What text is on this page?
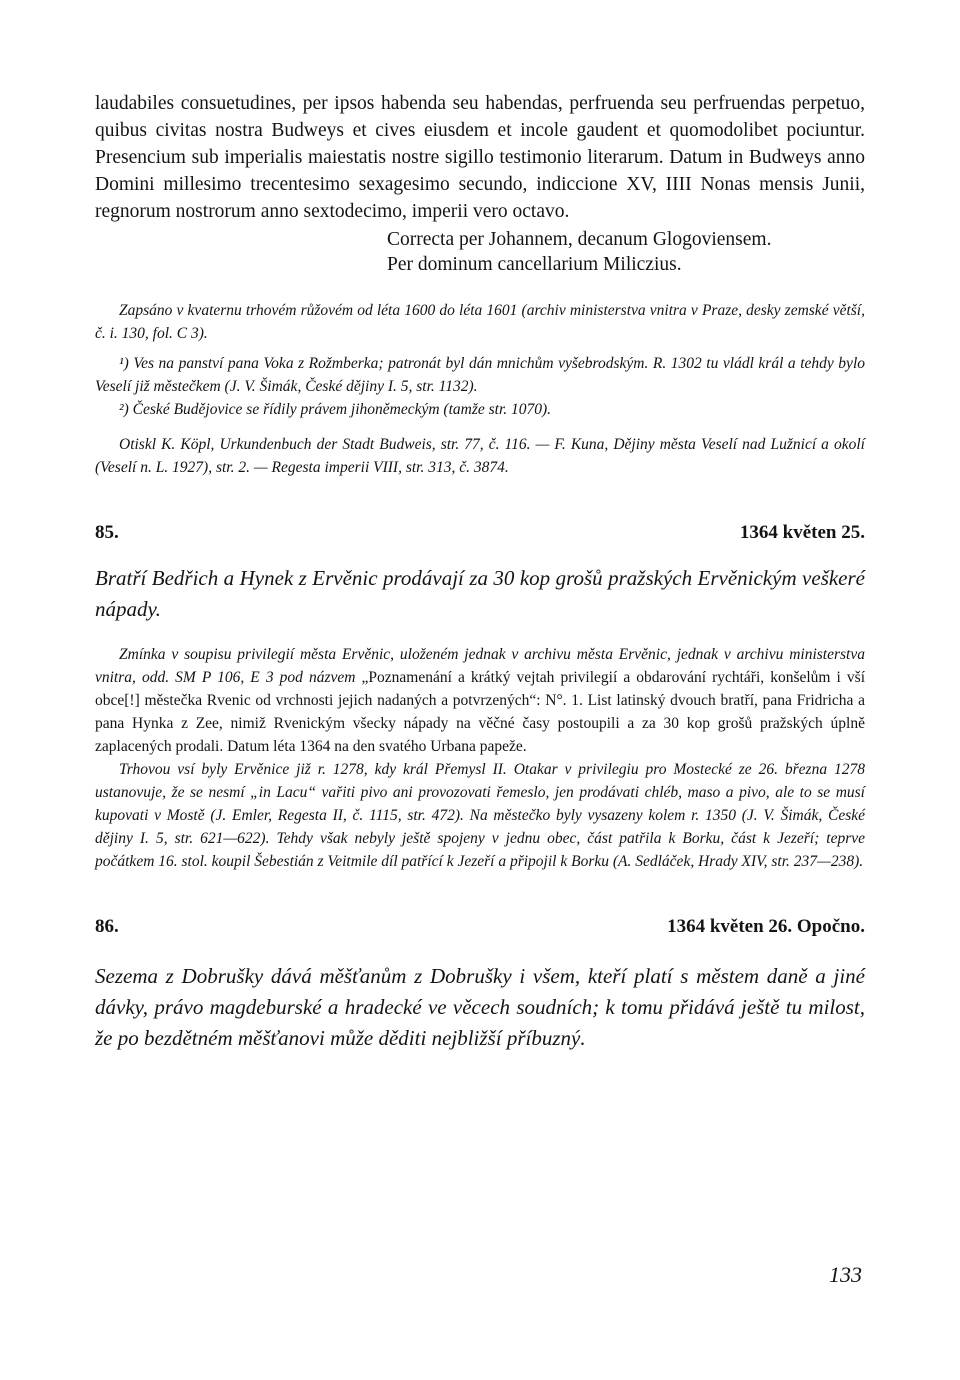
laudabiles consuetudines, per ipsos habenda seu habendas, perfruenda seu perfruendas perpetuo, quibus civitas nostra Budweys et cives eiusdem et incole gaudent et quomodolibet pociuntur. Presencium sub imperialis maiestatis nostre sigillo testimonio literarum. Datum in Budweys anno Domini millesimo trecentesimo sexagesimo secundo, indiccione XV, IIII Nonas mensis Junii, regnorum nostrorum anno sextodecimo, imperii vero octavo.

Correcta per Johannem, decanum Glogoviensem.

Per dominum cancellarium Miliczius.

Zapsáno v kvaternu trhovém růžovém od léta 1600 do léta 1601 (archiv ministerstva vnitra v Praze, desky zemské větší, č. i. 130, fol. C 3).

¹) Ves na panství pana Voka z Rožmberka; patronát byl dán mnichům vyšebrodským. R. 1302 tu vládl král a tehdy bylo Veselí již městečkem (J. V. Šimák, České dějiny I. 5, str. 1132).

²) České Budějovice se řídily právem jihoněmeckým (tamže str. 1070).

Otiskl K. Köpl, Urkundenbuch der Stadt Budweis, str. 77, č. 116. — F. Kuna, Dějiny města Veselí nad Lužnicí a okolí (Veselí n. L. 1927), str. 2. — Regesta imperii VIII, str. 313, č. 3874.

85.	1364 květen 25.

Bratří Bedřich a Hynek z Ervěnic prodávají za 30 kop grošů pražských Ervěnickým veškeré nápady.

Zmínka v soupisu privilegií města Ervěnic, uloženém jednak v archivu města Ervěnic, jednak v archivu ministerstva vnitra, odd. SM P 106, E 3 pod názvem „Poznamenání a krátký vejtah privilegií a obdarování rychtáři, konšelům i vší obce[!] městečka Rvenic od vrchnosti jejich nadaných a potvrzených“: N°. 1. List latinský dvouch bratří, pana Fridricha a pana Hynka z Zee, nimiž Rvenickým všecky nápady na věčné časy postoupili a za 30 kop grošů pražských úplně zaplacených prodali. Datum léta 1364 na den svatého Urbana papeže.

Trhovou vsí byly Ervěnice již r. 1278, kdy král Přemysl II. Otakar v privilegiu pro Mostecké ze 26. března 1278 ustanovuje, že se nesmí „in Lacu“ vařiti pivo ani provozovati řemeslo, jen prodávati chléb, maso a pivo, ale to se musí kupovati v Mostě (J. Emler, Regesta II, č. 1115, str. 472). Na městečko byly vysazeny kolem r. 1350 (J. V. Šimák, České dějiny I. 5, str. 621—622). Tehdy však nebyly ještě spojeny v jednu obec, část patřila k Borku, část k Jezeří; teprve počátkem 16. stol. koupil Šebestián z Veitmile díl patřící k Jezeří a připojil k Borku (A. Sedláček, Hrady XIV, str. 237—238).

86.	1364 květen 26. Opočno.

Sezema z Dobrušky dává měšťanům z Dobrušky i všem, kteří platí s městem daně a jiné dávky, právo magdeburské a hradecké ve věcech soudních; k tomu přidává ještě tu milost, že po bezdětném měšťanovi může děditi nejbližší příbuzný.

133
